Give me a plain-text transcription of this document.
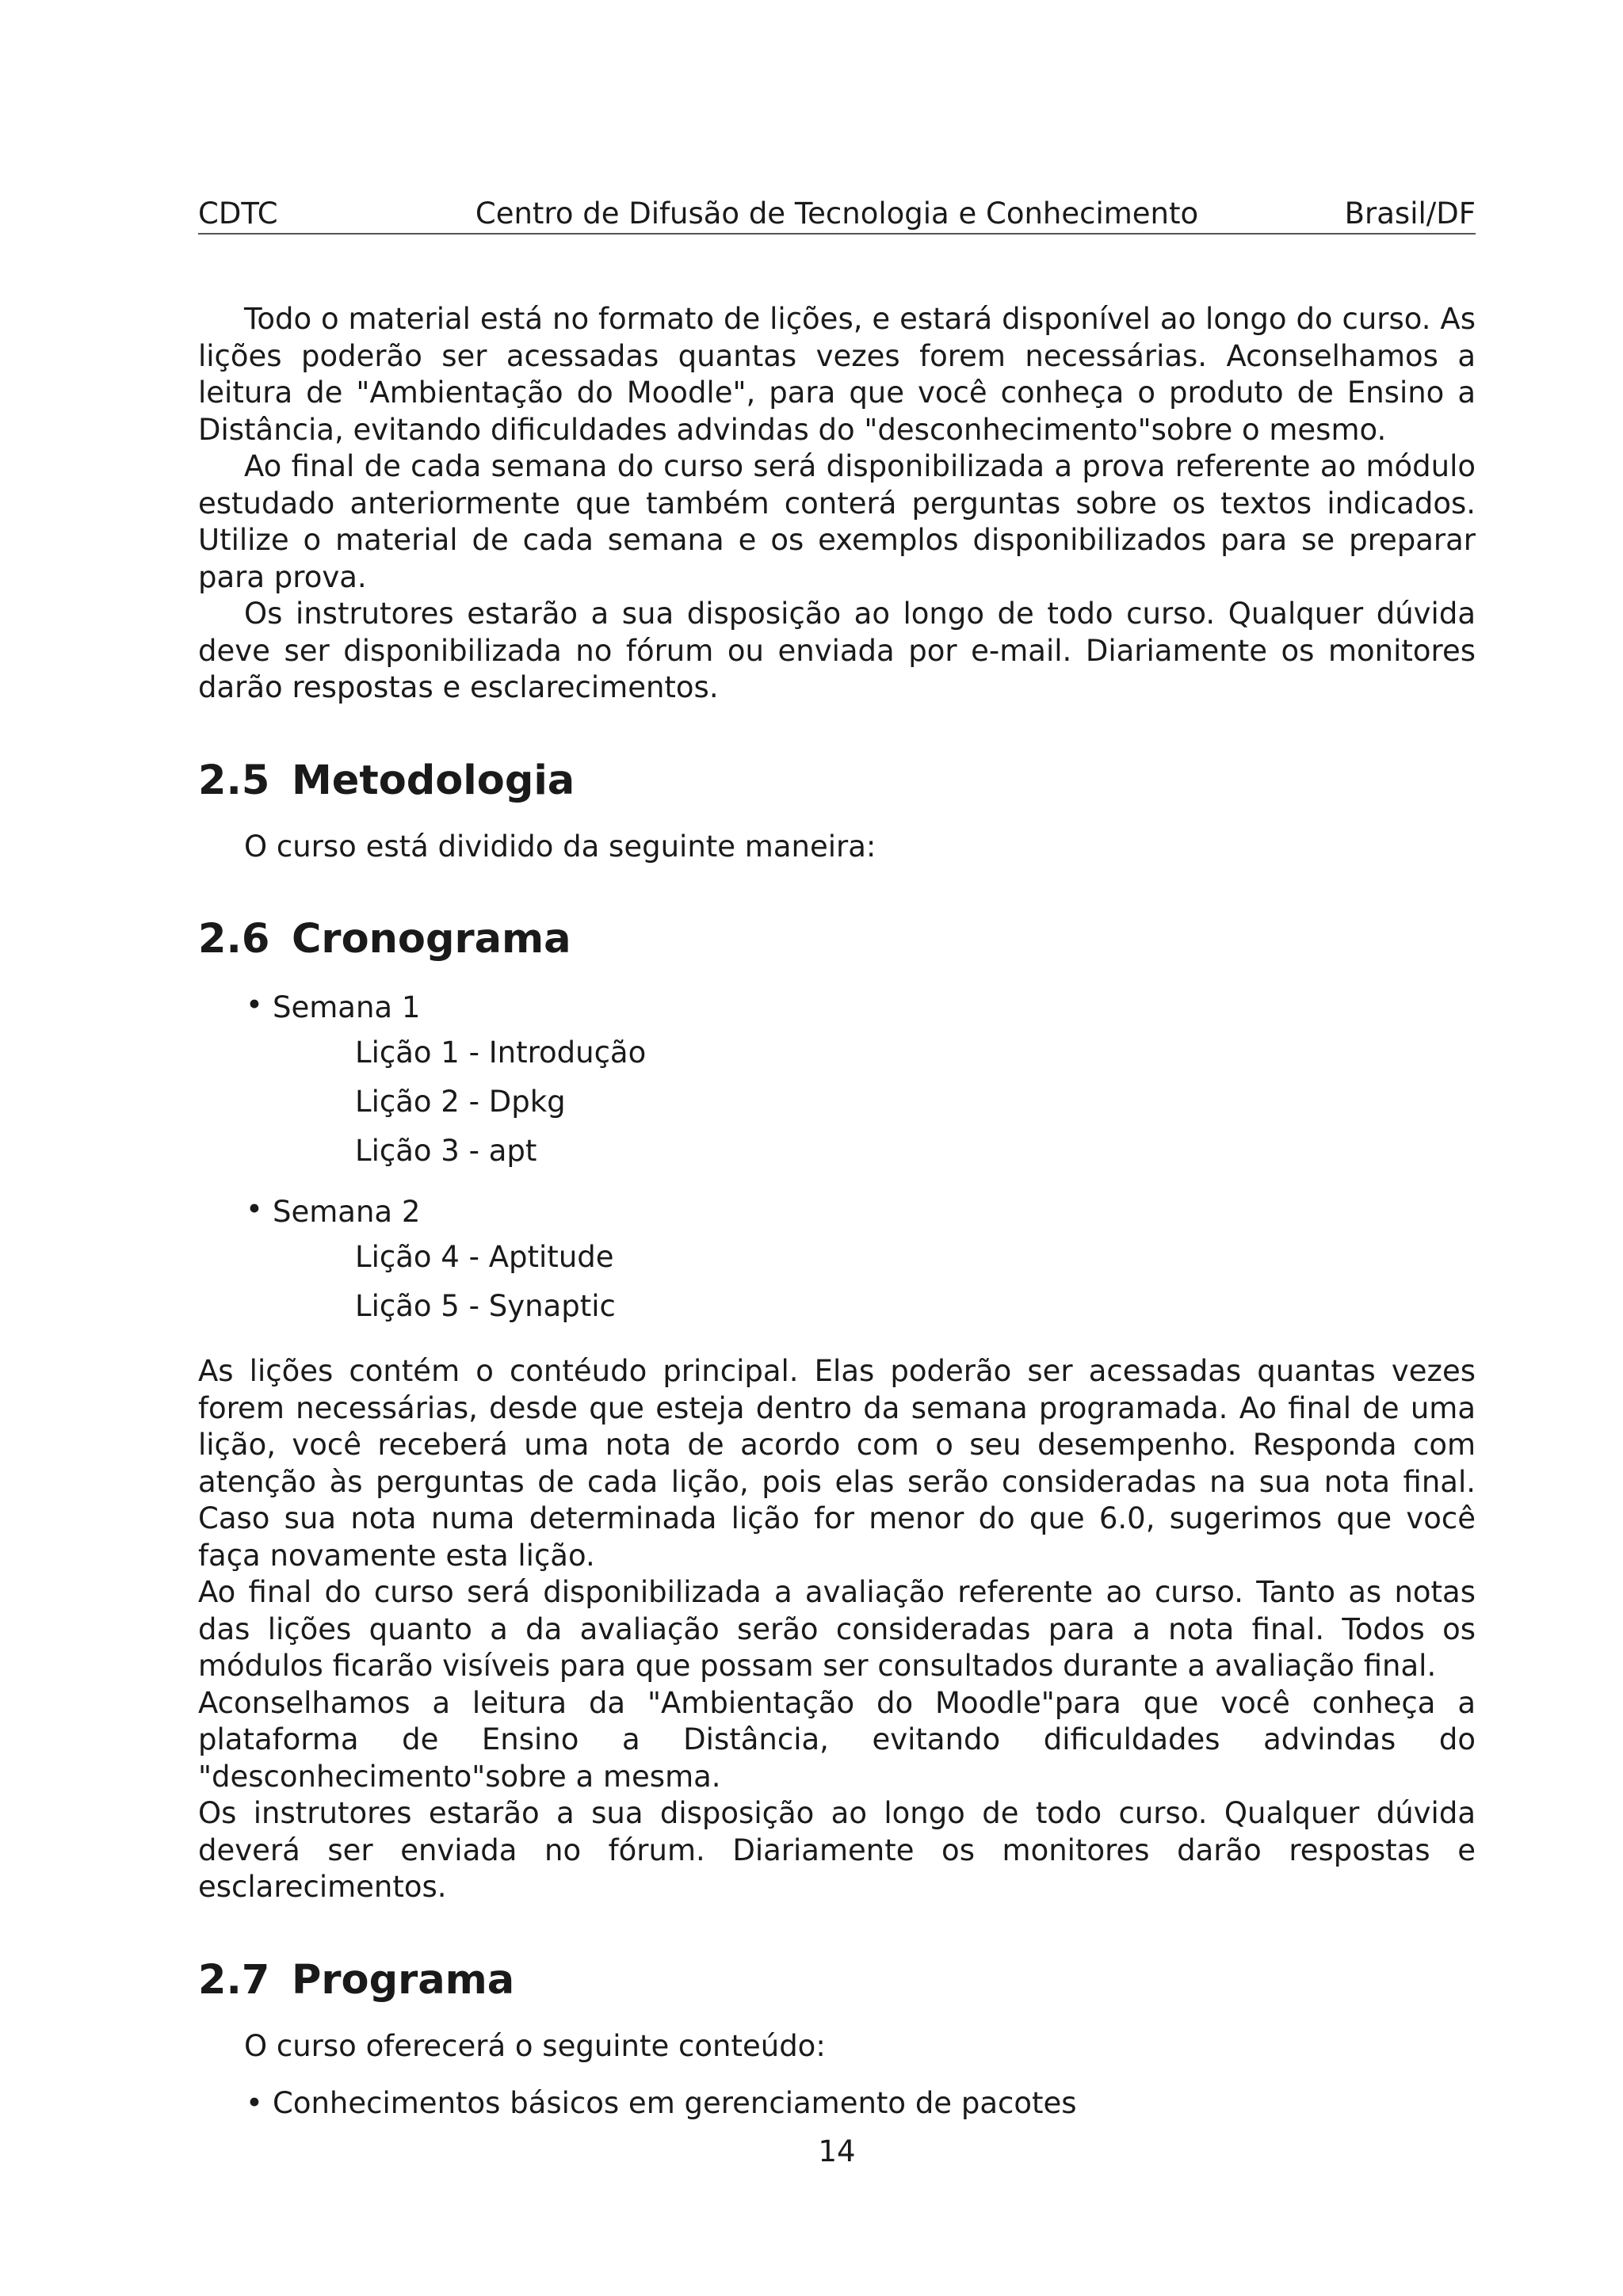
CDTC	Centro de Difusão de Tecnologia e Conhecimento	Brasil/DF

Todo o material está no formato de lições, e estará disponível ao longo do curso. As lições poderão ser acessadas quantas vezes forem necessárias. Aconselhamos a leitura de "Ambientação do Moodle", para que você conheça o produto de Ensino a Distância, evitando dificuldades advindas do "desconhecimento"sobre o mesmo.

Ao final de cada semana do curso será disponibilizada a prova referente ao módulo estudado anteriormente que também conterá perguntas sobre os textos indicados. Utilize o material de cada semana e os exemplos disponibilizados para se preparar para prova.

Os instrutores estarão a sua disposição ao longo de todo curso. Qualquer dúvida deve ser disponibilizada no fórum ou enviada por e-mail. Diariamente os monitores darão respostas e esclarecimentos.

2.5 Metodologia

O curso está dividido da seguinte maneira:

2.6 Cronograma
• Semana 1
Lição 1 - Introdução
Lição 2 - Dpkg
Lição 3 - apt
• Semana 2
Lição 4 - Aptitude
Lição 5 - Synaptic

As lições contém o contéudo principal. Elas poderão ser acessadas quantas vezes forem necessárias, desde que esteja dentro da semana programada. Ao final de uma lição, você receberá uma nota de acordo com o seu desempenho. Responda com atenção às perguntas de cada lição, pois elas serão consideradas na sua nota final. Caso sua nota numa determinada lição for menor do que 6.0, sugerimos que você faça novamente esta lição.

Ao final do curso será disponibilizada a avaliação referente ao curso. Tanto as notas das lições quanto a da avaliação serão consideradas para a nota final. Todos os módulos ficarão visíveis para que possam ser consultados durante a avaliação final.

Aconselhamos a leitura da "Ambientação do Moodle"para que você conheça a plataforma de Ensino a Distância, evitando dificuldades advindas do "desconhecimento"sobre a mesma.

Os instrutores estarão a sua disposição ao longo de todo curso. Qualquer dúvida deverá ser enviada no fórum. Diariamente os monitores darão respostas e esclarecimentos.

2.7 Programa

O curso oferecerá o seguinte conteúdo:

• Conhecimentos básicos em gerenciamento de pacotes
14
